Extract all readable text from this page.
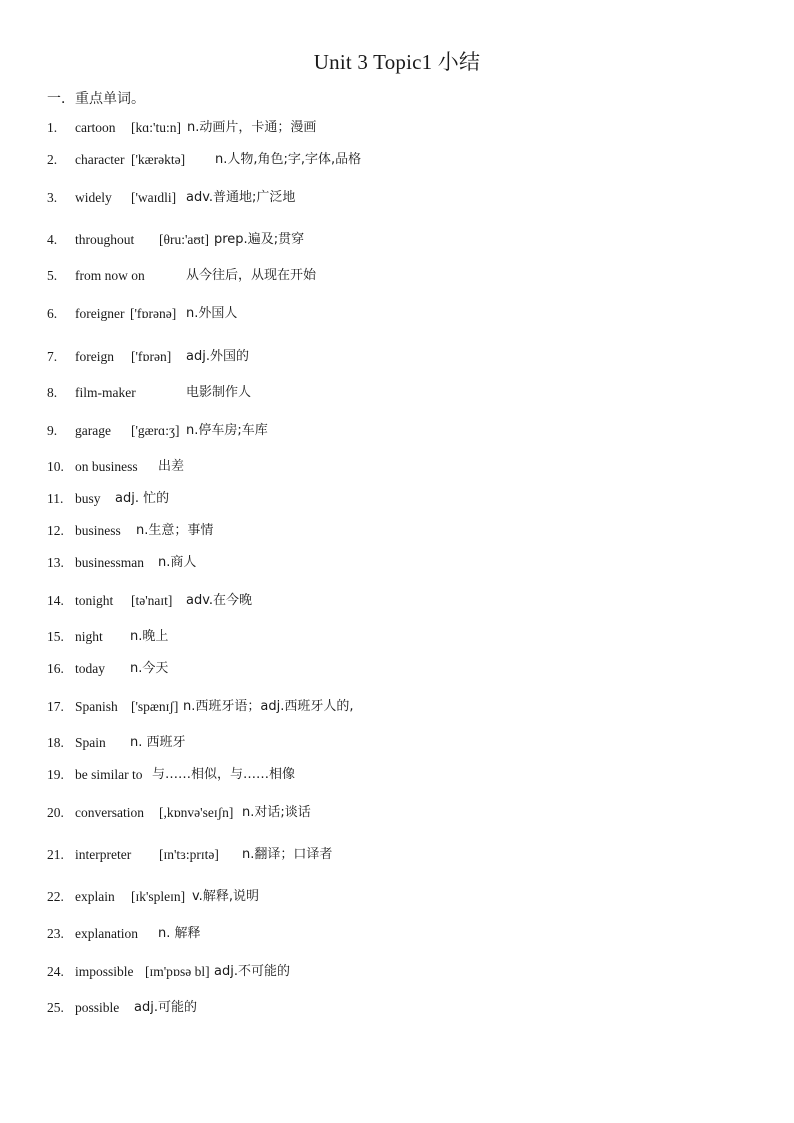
Unit 3 Topic1 小结
一．重点单词。
1. cartoon [kɑ:'tu:n] n.动画片，卡通；漫画
2. character ['kærəktə] n.人物,角色;字,字体,品格
3. widely ['waɪdli] adv.普通地;广泛地
4. throughout [θru:'aʊt] prep.遍及;贯穿
5. from now on	从今往后，从现在开始
6. foreigner ['fɒrənə] n.外国人
7. foreign ['fɒrən] adj.外国的
8. film-maker	电影制作人
9. garage ['gærɑ:ʒ] n.停车房;车库
10. on business 出差
11. busy adj. 忙的
12. business n.生意；事情
13. businessman n.商人
14. tonight [tə'naɪt] adv.在今晚
15. night n.晚上
16. today n.今天
17. Spanish ['spænɪʃ] n.西班牙语；adj.西班牙人的,
18. Spain n. 西班牙
19. be similar to 与……相似，与……相像
20. conversation [,kɒnvə'seɪʃn] n.对话;谈话
21. interpreter [ɪn'tɜ:prɪtə] n.翻译；口译者
22. explain [ɪk'spleɪn] v.解释,说明
23. explanation n. 解释
24. impossible [ɪm'pɒsə bl] adj.不可能的
25. possible adj.可能的
